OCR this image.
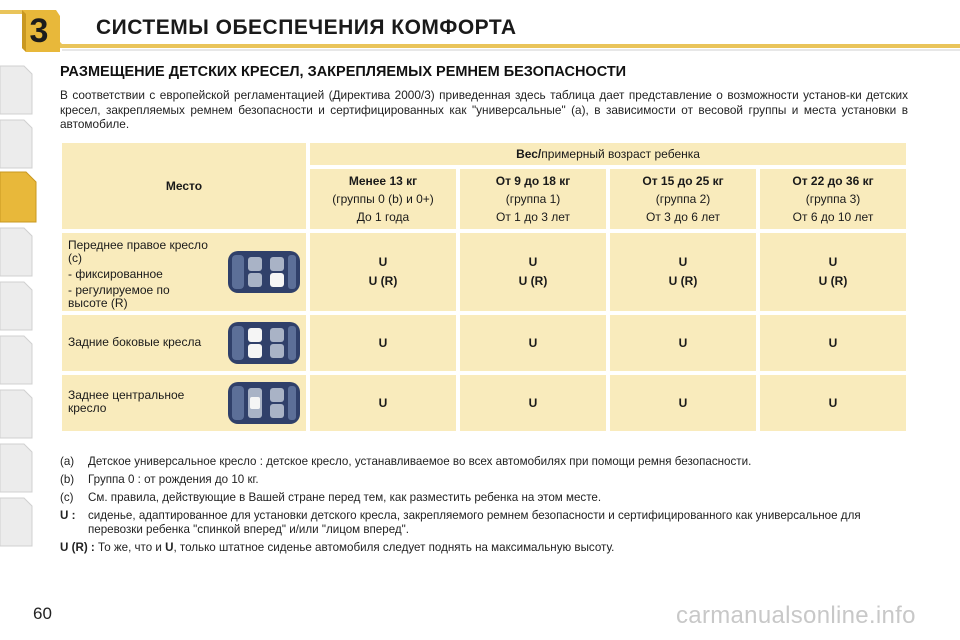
3	СИСТЕМЫ ОБЕСПЕЧЕНИЯ КОМФОРТА
РАЗМЕЩЕНИЕ ДЕТСКИХ КРЕСЕЛ, ЗАКРЕПЛЯЕМЫХ РЕМНЕМ БЕЗОПАСНОСТИ
В соответствии с европейской регламентацией (Директива 2000/3) приведенная здесь таблица дает представление о возможности установ-ки детских кресел, закрепляемых ремнем безопасности и сертифицированных как "универсальные" (a), в зависимости от весовой группы и места установки в автомобиле.
Место	Вес/примерный возраст ребенка			
	Менее 13 кг
(группы 0 (b) и 0+)
До 1 года	От 9 до 18 кг
(группа 1)
От 1 до 3 лет	От 15 до 25 кг
(группа 2)
От 3 до 6 лет	От 22 до 36 кг
(группа 3)
От 6 до 10 лет

Переднее правое кресло (c)
- фиксированное
- регулируемое по высоте (R)	U
U (R)	U
U (R)	U
U (R)	U
U (R)

Задние боковые кресла	U	U	U	U

Заднее центральное кресло	U	U	U	U
(a) Детское универсальное кресло : детское кресло, устанавливаемое во всех автомобилях при помощи ремня безопасности.
(b) Группа 0 : от рождения до 10 кг.
(c) См. правила, действующие в Вашей стране перед тем, как разместить ребенка на этом месте.
U : сиденье, адаптированное для установки детского кресла, закрепляемого ремнем безопасности и сертифицированного как универсальное для перевозки ребенка "спинкой вперед" и/или "лицом вперед".
U (R) : То же, что и U, только штатное сиденье автомобиля следует поднять на максимальную высоту.
60	carmanualsonline.info
